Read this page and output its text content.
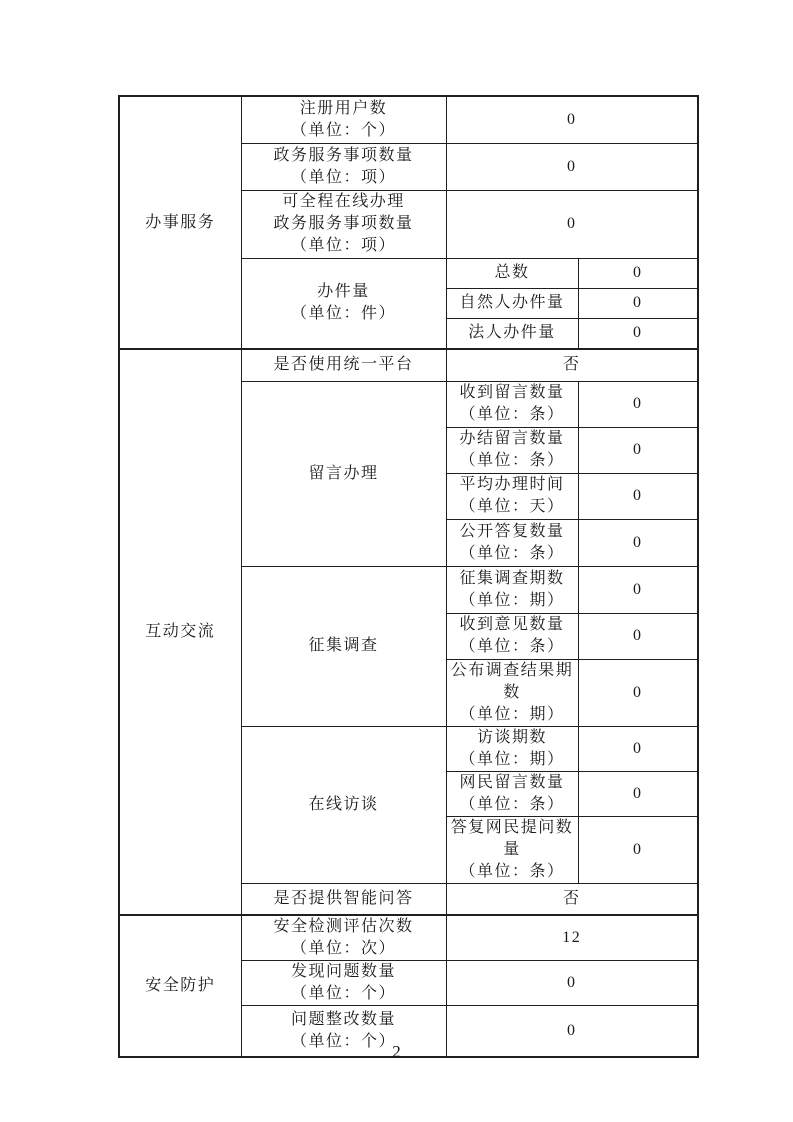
办事服务	注册用户数
（单位：个）	0	

	政务服务事项数量
（单位：项）	0	

	可全程在线办理
政务服务事项数量
（单位：项）	0	

	办件量
（单位：件）	总数	0

		自然人办件量	0

		法人办件量	0
互动交流	是否使用统一平台	否	

	留言办理	收到留言数量
（单位：条）	0

		办结留言数量
（单位：条）	0

		平均办理时间
（单位：天）	0

		公开答复数量
（单位：条）	0

	征集调查	征集调查期数
（单位：期）	0

		收到意见数量
（单位：条）	0

		公布调查结果期数
（单位：期）	0

	在线访谈	访谈期数
（单位：期）	0

		网民留言数量
（单位：条）	0

		答复网民提问数量
（单位：条）	0

	是否提供智能问答	否	
安全防护	安全检测评估次数
（单位：次）	12	

	发现问题数量
（单位：个）	0	

	问题整改数量
（单位：个）	0	
2
